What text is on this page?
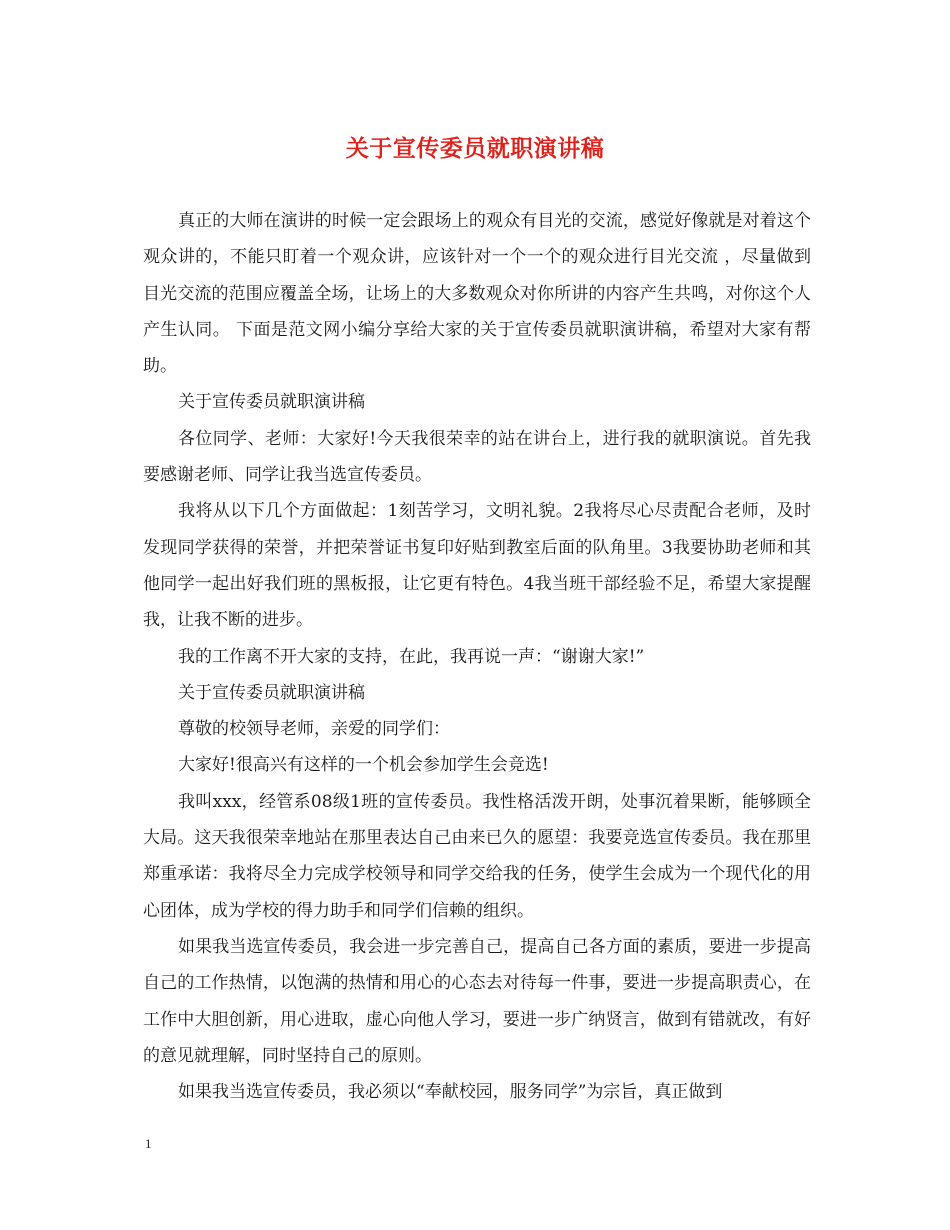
关于宣传委员就职演讲稿

真正的大师在演讲的时候一定会跟场上的观众有目光的交流，感觉好像就是对着这个观众讲的，不能只盯着一个观众讲，应该针对一个一个的观众进行目光交流 ，尽量做到目光交流的范围应覆盖全场，让场上的大多数观众对你所讲的内容产生共鸣，对你这个人产生认同。 下面是范文网小编分享给大家的关于宣传委员就职演讲稿，希望对大家有帮助。

关于宣传委员就职演讲稿

各位同学、老师：大家好!今天我很荣幸的站在讲台上，进行我的就职演说。首先我要感谢老师、同学让我当选宣传委员。

我将从以下几个方面做起：1刻苦学习，文明礼貌。2我将尽心尽责配合老师，及时发现同学获得的荣誉，并把荣誉证书复印好贴到教室后面的队角里。3我要协助老师和其他同学一起出好我们班的黑板报，让它更有特色。4我当班干部经验不足，希望大家提醒我，让我不断的进步。

我的工作离不开大家的支持，在此，我再说一声：“谢谢大家!”

关于宣传委员就职演讲稿

尊敬的校领导老师，亲爱的同学们：

大家好!很高兴有这样的一个机会参加学生会竞选!

我叫xxx，经管系08级1班的宣传委员。我性格活泼开朗，处事沉着果断，能够顾全大局。这天我很荣幸地站在那里表达自己由来已久的愿望：我要竞选宣传委员。我在那里郑重承诺：我将尽全力完成学校领导和同学交给我的任务，使学生会成为一个现代化的用心团体，成为学校的得力助手和同学们信赖的组织。

如果我当选宣传委员，我会进一步完善自己，提高自己各方面的素质，要进一步提高自己的工作热情，以饱满的热情和用心的心态去对待每一件事，要进一步提高职责心，在工作中大胆创新，用心进取，虚心向他人学习，要进一步广纳贤言，做到有错就改，有好的意见就理解，同时坚持自己的原则。

如果我当选宣传委员，我必须以“奉献校园，服务同学”为宗旨，真正做到

1
